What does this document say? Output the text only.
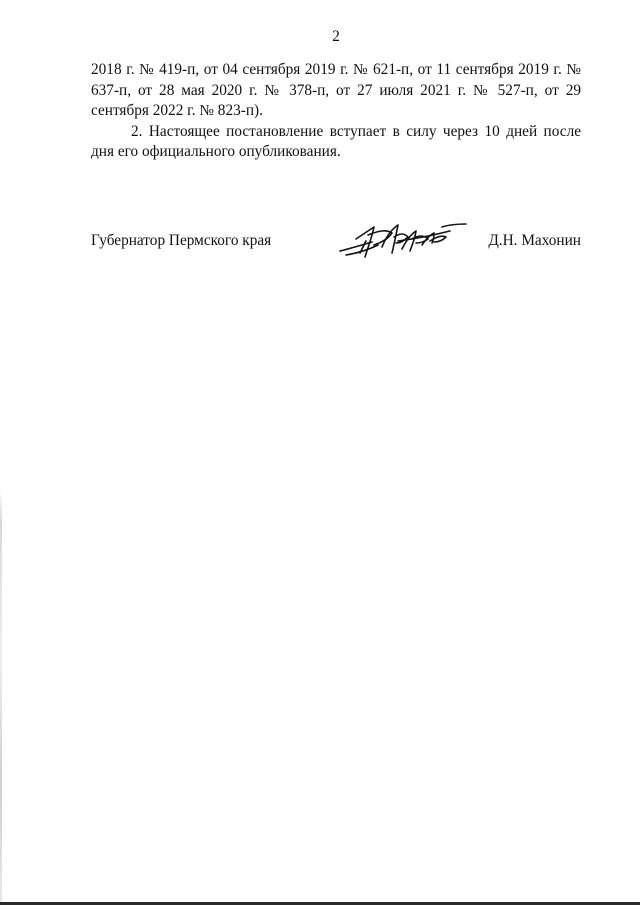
2

2018 г. № 419-п, от 04 сентября 2019 г. № 621-п, от 11 сентября 2019 г. № 637-п, от 28 мая 2020 г. № 378-п, от 27 июля 2021 г. № 527-п, от 29 сентября 2022 г. № 823-п).

2. Настоящее постановление вступает в силу через 10 дней после дня его официального опубликования.

Губернатор Пермского края	Д.Н. Махонин
